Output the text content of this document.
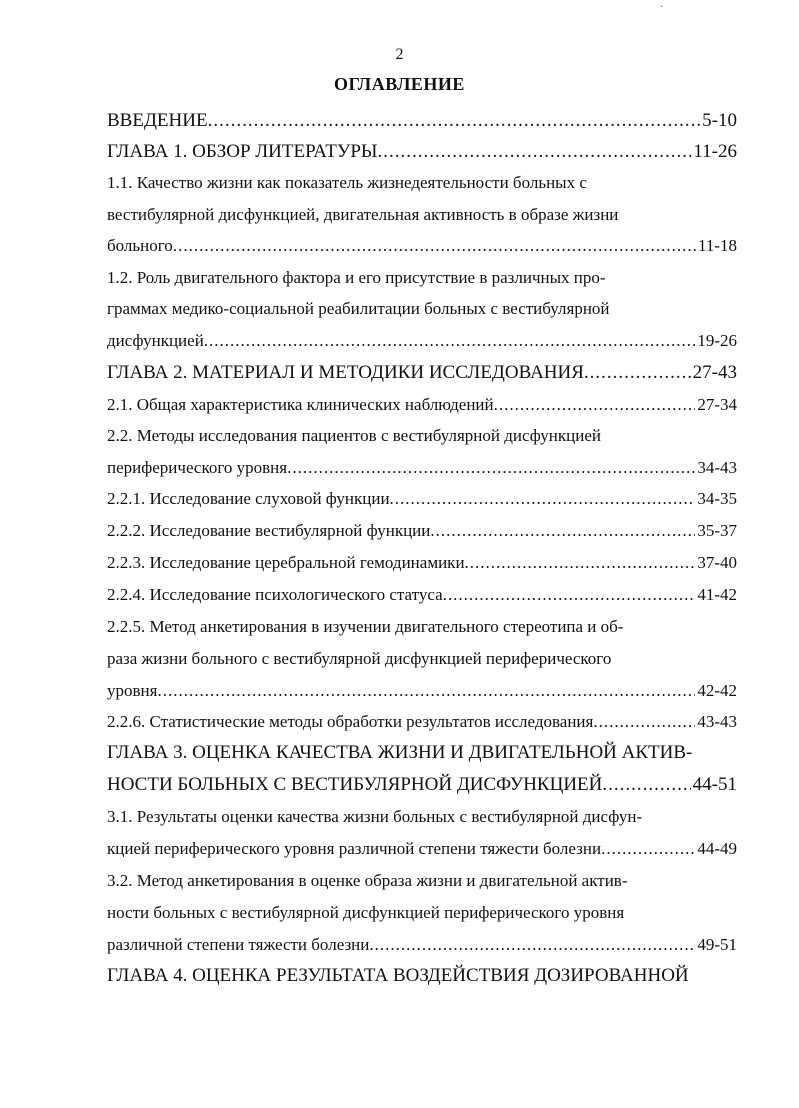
·
2
ОГЛАВЛЕНИЕ
ВВЕДЕНИЕ .....	5-10
ГЛАВА 1. ОБЗОР ЛИТЕРАТУРЫ .....	11-26
1.1. Качество жизни как показатель жизнедеятельности больных с
вестибулярной дисфункцией, двигательная активность в образе жизни
больного .....	11-18
1.2. Роль двигательного фактора и его присутствие в различных про-
граммах медико-социальной реабилитации больных с вестибулярной
дисфункцией .....	19-26
ГЛАВА 2. МАТЕРИАЛ И МЕТОДИКИ ИССЛЕДОВАНИЯ .....	27-43
2.1. Общая характеристика клинических наблюдений .....	27-34
2.2. Методы исследования пациентов с вестибулярной дисфункцией
периферического уровня .....	34-43
2.2.1. Исследование слуховой функции .....	34-35
2.2.2. Исследование вестибулярной функции .....	35-37
2.2.3. Исследование церебральной гемодинамики .....	37-40
2.2.4. Исследование психологического статуса .....	41-42
2.2.5. Метод анкетирования в изучении двигательного стереотипа и об-
раза жизни больного с вестибулярной дисфункцией периферического
уровня .....	42-42
2.2.6. Статистические методы обработки результатов исследования .....	43-43
ГЛАВА 3. ОЦЕНКА КАЧЕСТВА ЖИЗНИ И ДВИГАТЕЛЬНОЙ АКТИВ-
НОСТИ БОЛЬНЫХ С ВЕСТИБУЛЯРНОЙ ДИСФУНКЦИЕЙ .....	44-51
3.1. Результаты оценки качества жизни больных с вестибулярной дисфун-
кцией периферического уровня различной степени тяжести болезни .....	44-49
3.2. Метод анкетирования в оценке образа жизни и двигательной актив-
ности больных с вестибулярной дисфункцией периферического уровня
различной степени тяжести болезни .....	49-51
ГЛАВА 4. ОЦЕНКА РЕЗУЛЬТАТА ВОЗДЕЙСТВИЯ ДОЗИРОВАННОЙ
